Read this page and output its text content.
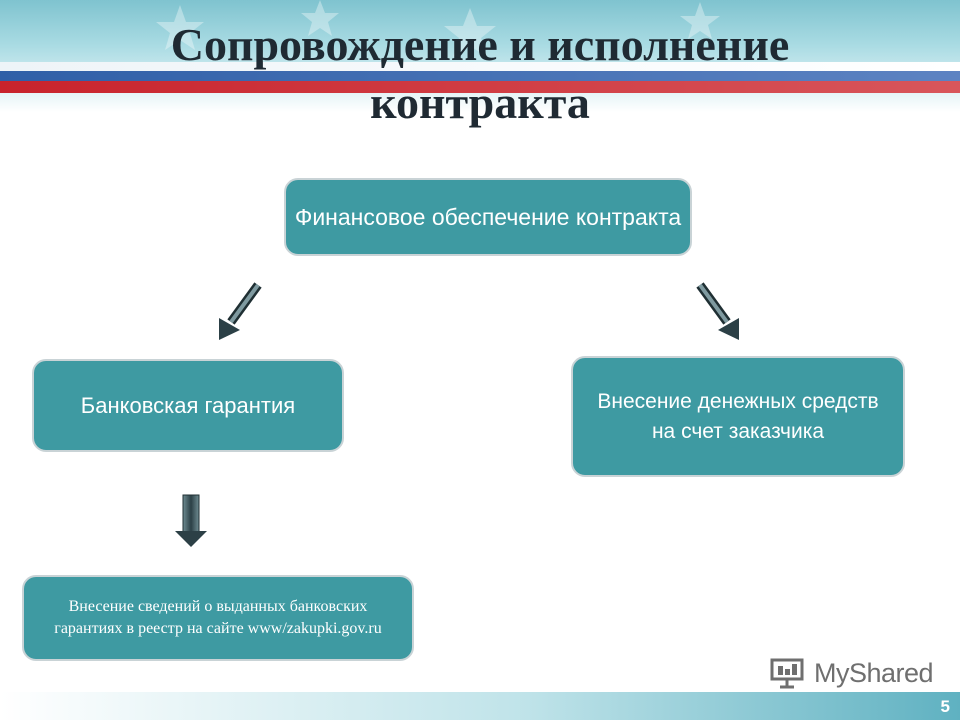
Сопровождение и исполнение контракта
Финансовое обеспечение контракта
Банковская гарантия	Внесение денежных средств на счет заказчика
Внесение сведений о выданных банковских гарантиях в реестр на сайте www/zakupki.gov.ru
5
MyShared
